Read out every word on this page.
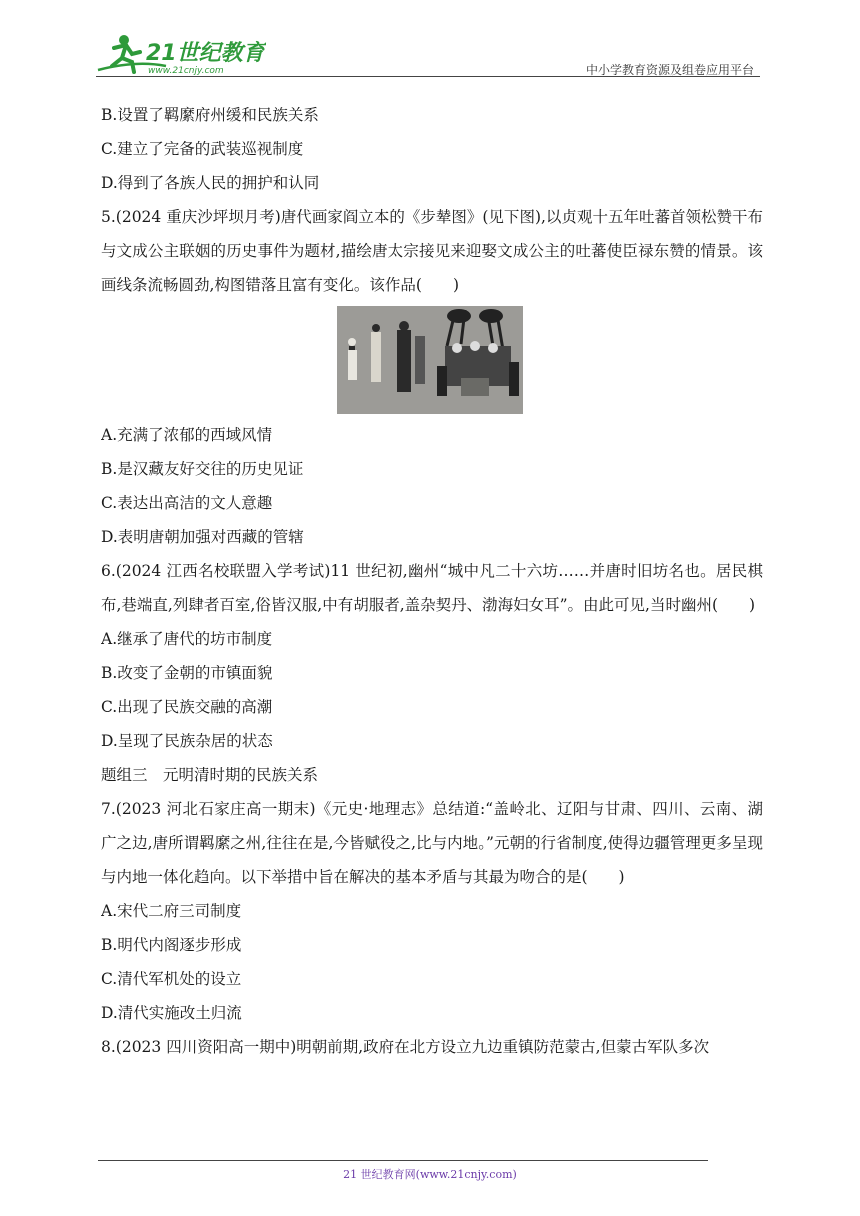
21世纪教育
www.21cnjy.com	中小学教育资源及组卷应用平台
B.设置了羁縻府州缓和民族关系
C.建立了完备的武装巡视制度
D.得到了各族人民的拥护和认同
5.(2024 重庆沙坪坝月考)唐代画家阎立本的《步辇图》(见下图),以贞观十五年吐蕃首领松赞干布与文成公主联姻的历史事件为题材,描绘唐太宗接见来迎娶文成公主的吐蕃使臣禄东赞的情景。该画线条流畅圆劲,构图错落且富有变化。该作品(　　)
A.充满了浓郁的西域风情
B.是汉藏友好交往的历史见证
C.表达出高洁的文人意趣
D.表明唐朝加强对西藏的管辖
6.(2024 江西名校联盟入学考试)11 世纪初,幽州“城中凡二十六坊……并唐时旧坊名也。居民棋布,巷端直,列肆者百室,俗皆汉服,中有胡服者,盖杂契丹、渤海妇女耳”。由此可见,当时幽州(　　)
A.继承了唐代的坊市制度
B.改变了金朝的市镇面貌
C.出现了民族交融的高潮
D.呈现了民族杂居的状态
题组三　元明清时期的民族关系
7.(2023 河北石家庄高一期末)《元史·地理志》总结道:“盖岭北、辽阳与甘肃、四川、云南、湖广之边,唐所谓羁縻之州,往往在是,今皆赋役之,比与内地。”元朝的行省制度,使得边疆管理更多呈现与内地一体化趋向。以下举措中旨在解决的基本矛盾与其最为吻合的是(　　)
A.宋代二府三司制度
B.明代内阁逐步形成
C.清代军机处的设立
D.清代实施改土归流
8.(2023 四川资阳高一期中)明朝前期,政府在北方设立九边重镇防范蒙古,但蒙古军队多次
21 世纪教育网(www.21cnjy.com)
